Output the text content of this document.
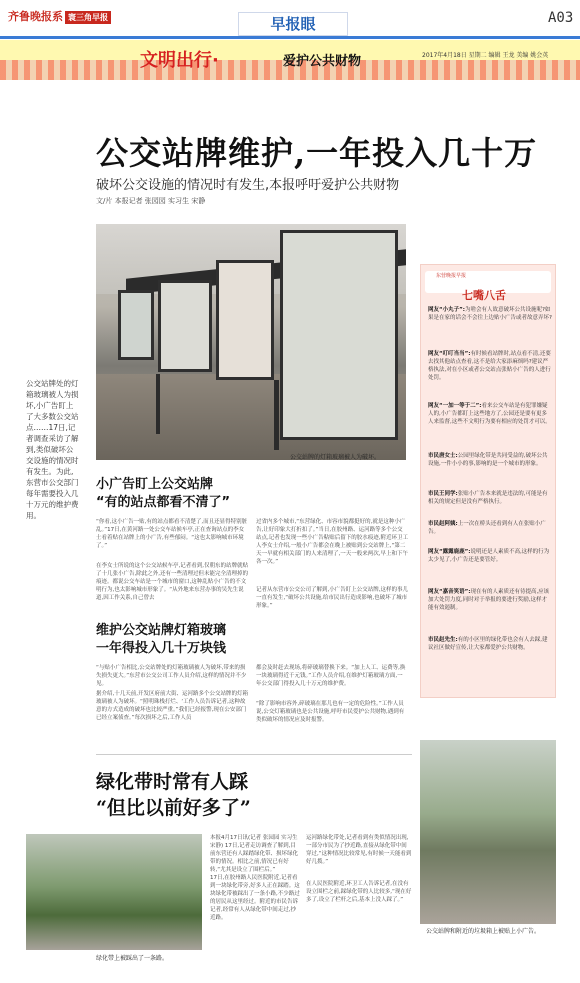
齐鲁晚报系 寰三角早报	早报眼	A03
文明出行·	爱护公共财物	2017年4月18日 星期二 编辑 王龙 美编 姚会英
公交站牌维护,一年投入几十万
破坏公交设施的情况时有发生,本报呼吁爱护公共财物
文/片 本报记者 张园园 实习生 宋静
公交站牌的灯箱玻璃被人为破坏。
公交站牌处的灯箱玻璃被人为损坏,小广告盯上了大多数公交站点……17日,记者调查采访了解到,类似破坏公交设施的情况时有发生。为此,东营市公交部门每年需要投入几十万元的维护费用。
小广告盯上公交站牌
“有的站点都看不清了”
“你看,这小广告一贴,有的站点都看不清楚了,而且还显得特别脏乱。”17日,在黄河路一处公交车站候车亭,正在查询站点的李女士看着贴在站牌上的小广告,有些郁闷。“这也太影响城市环境了。”
在李女士所说的这个公交站候车亭,记者看到,仅朝东的站牌就贴了十几张小广告,除此之外,还有一些清理过但未能完全清理掉的痕迹。都说公交车站是一个城市的窗口,这种乱贴小广告的不文明行为,也太影响城市形象了。“从外地来东营办事的吴先生说道,因工作关系,自己曾去
过省内多个城市,“东营绿化、市容市貌都挺好的,就是这种小广告,让好印象大打折扣了。”当日,在胶州路、运河路等多个公交站点,记者也发现一些小广告粘贴后留下的胶水痕迹,附近环卫工人李女士介绍,一般小广告都会在晚上被贴到公交站牌上,“第二天一早就有相关部门的人来清理了,一天一般来两次,早上和下午各一次。”
记者从东营市公交公司了解到,小广告盯上公交站牌,这样的事儿一直有发生,“破坏公共设施,给市民出行造成影响,也破坏了城市形象。”
维护公交站牌灯箱玻璃
一年得投入几十万块钱
“与贴小广告相比,公交站牌处的灯箱玻璃被人为破坏,带来的损失损失更大。”东营市公交公司工作人员介绍,这样的情况并不少见。
据介绍,十几天前,开发区府前大街、运河路多个公交站牌的灯箱玻璃被人为破坏。“照明珠栈打烂、‘工作人员告诉记者,这种故意的方式造成的破坏也比较严重。”我们已经报警,现在公安部门已经立案侦查。”每次损坏之后,工作人员
都会及时赶去现场,将碎玻璃替换下来。“加上人工、运费等,换一块玻璃得近千元钱。”工作人员介绍,在维护灯箱玻璃方面,一年公交部门得投入几十万元的维护费。
“除了影响市容外,碎玻璃在那儿也有一定的危险性。”工作人员说,公交灯箱玻璃也是公共设施,呼吁市民爱护公共财物,遇到有类似破坏的情况应及时报警。
东营晚报早报
七嘴八舌
网友“小丸子”:为啥会有人故意破坏公共设施呢?如果是在家的话会不会往上边贴小广告或者故意弄坏?
网友“叮叮当当”:有时候看站牌时,站点看不清,还要去找其他站点查看,这不是给大家添麻烦吗?建议严格执法,对在小区或者公交站点张贴小广告的人进行处罚。
网友“一加一等于二”:看来公交车站是有犯罪嫌疑人的,小广告都盯上这些地方了,公园还是要有更多人来监督,这些不文明行为要有相应的处罚才可以。
市民唐女士:公园里绿化带是共同受益的,破坏公共设施,一件小小的事,影响的是一个城市的形象。
市民王同学:张贴小广告本来就是违法的,可能是有相关的规定但是没有严格执行。
市民赵阿姨:上一次在桥头还看到有人在张贴小广告。
网友“露露鹿鹿”:说明还是人素质不高,这样的行为太少见了,小广告还是要管好。
网友“嘉音笑语”:现在有的人素质还有待提高,应该加大处罚力度,同时对于举报的要进行奖励,这样才能有效遏制。
市民赵先生:有的小区里的绿化带也会有人去踩,建议社区做好宣传,让大家都爱护公共财物。
绿化带时常有人踩
“但比以前好多了”
绿化带上被踩出了一条路。
本报4月17日讯(记者 张园园 实习生 宋静) 17日,记者走访调查了解到,目前东营还有人踩踏绿化带、损坏绿化带的情况。相比之前,情况已有好转,“尤其是设立了围栏后。”
17日,在胶州路人民医院附近,记者看到一块绿化带旁,好多人正在踩踏。这块绿化带被踩出了一条小路,不少路过的居民从这里经过。附近的市民告诉记者,经常有人从绿化带中间走过,抄近路。
运河路绿化带处,记者看到有类似情况出现,一部分市民为了抄近路,直接从绿化带中间穿过,“这种情况比较常见,有时候一天能看到好几拨。”
在人民医院附近,环卫工人告诉记者,在没有设立围栏之前,踩绿化带的人比较多,“现在好多了,设立了栏杆之后,基本上没人踩了。”
公交站牌和附近的垃圾箱上被贴上小广告。
